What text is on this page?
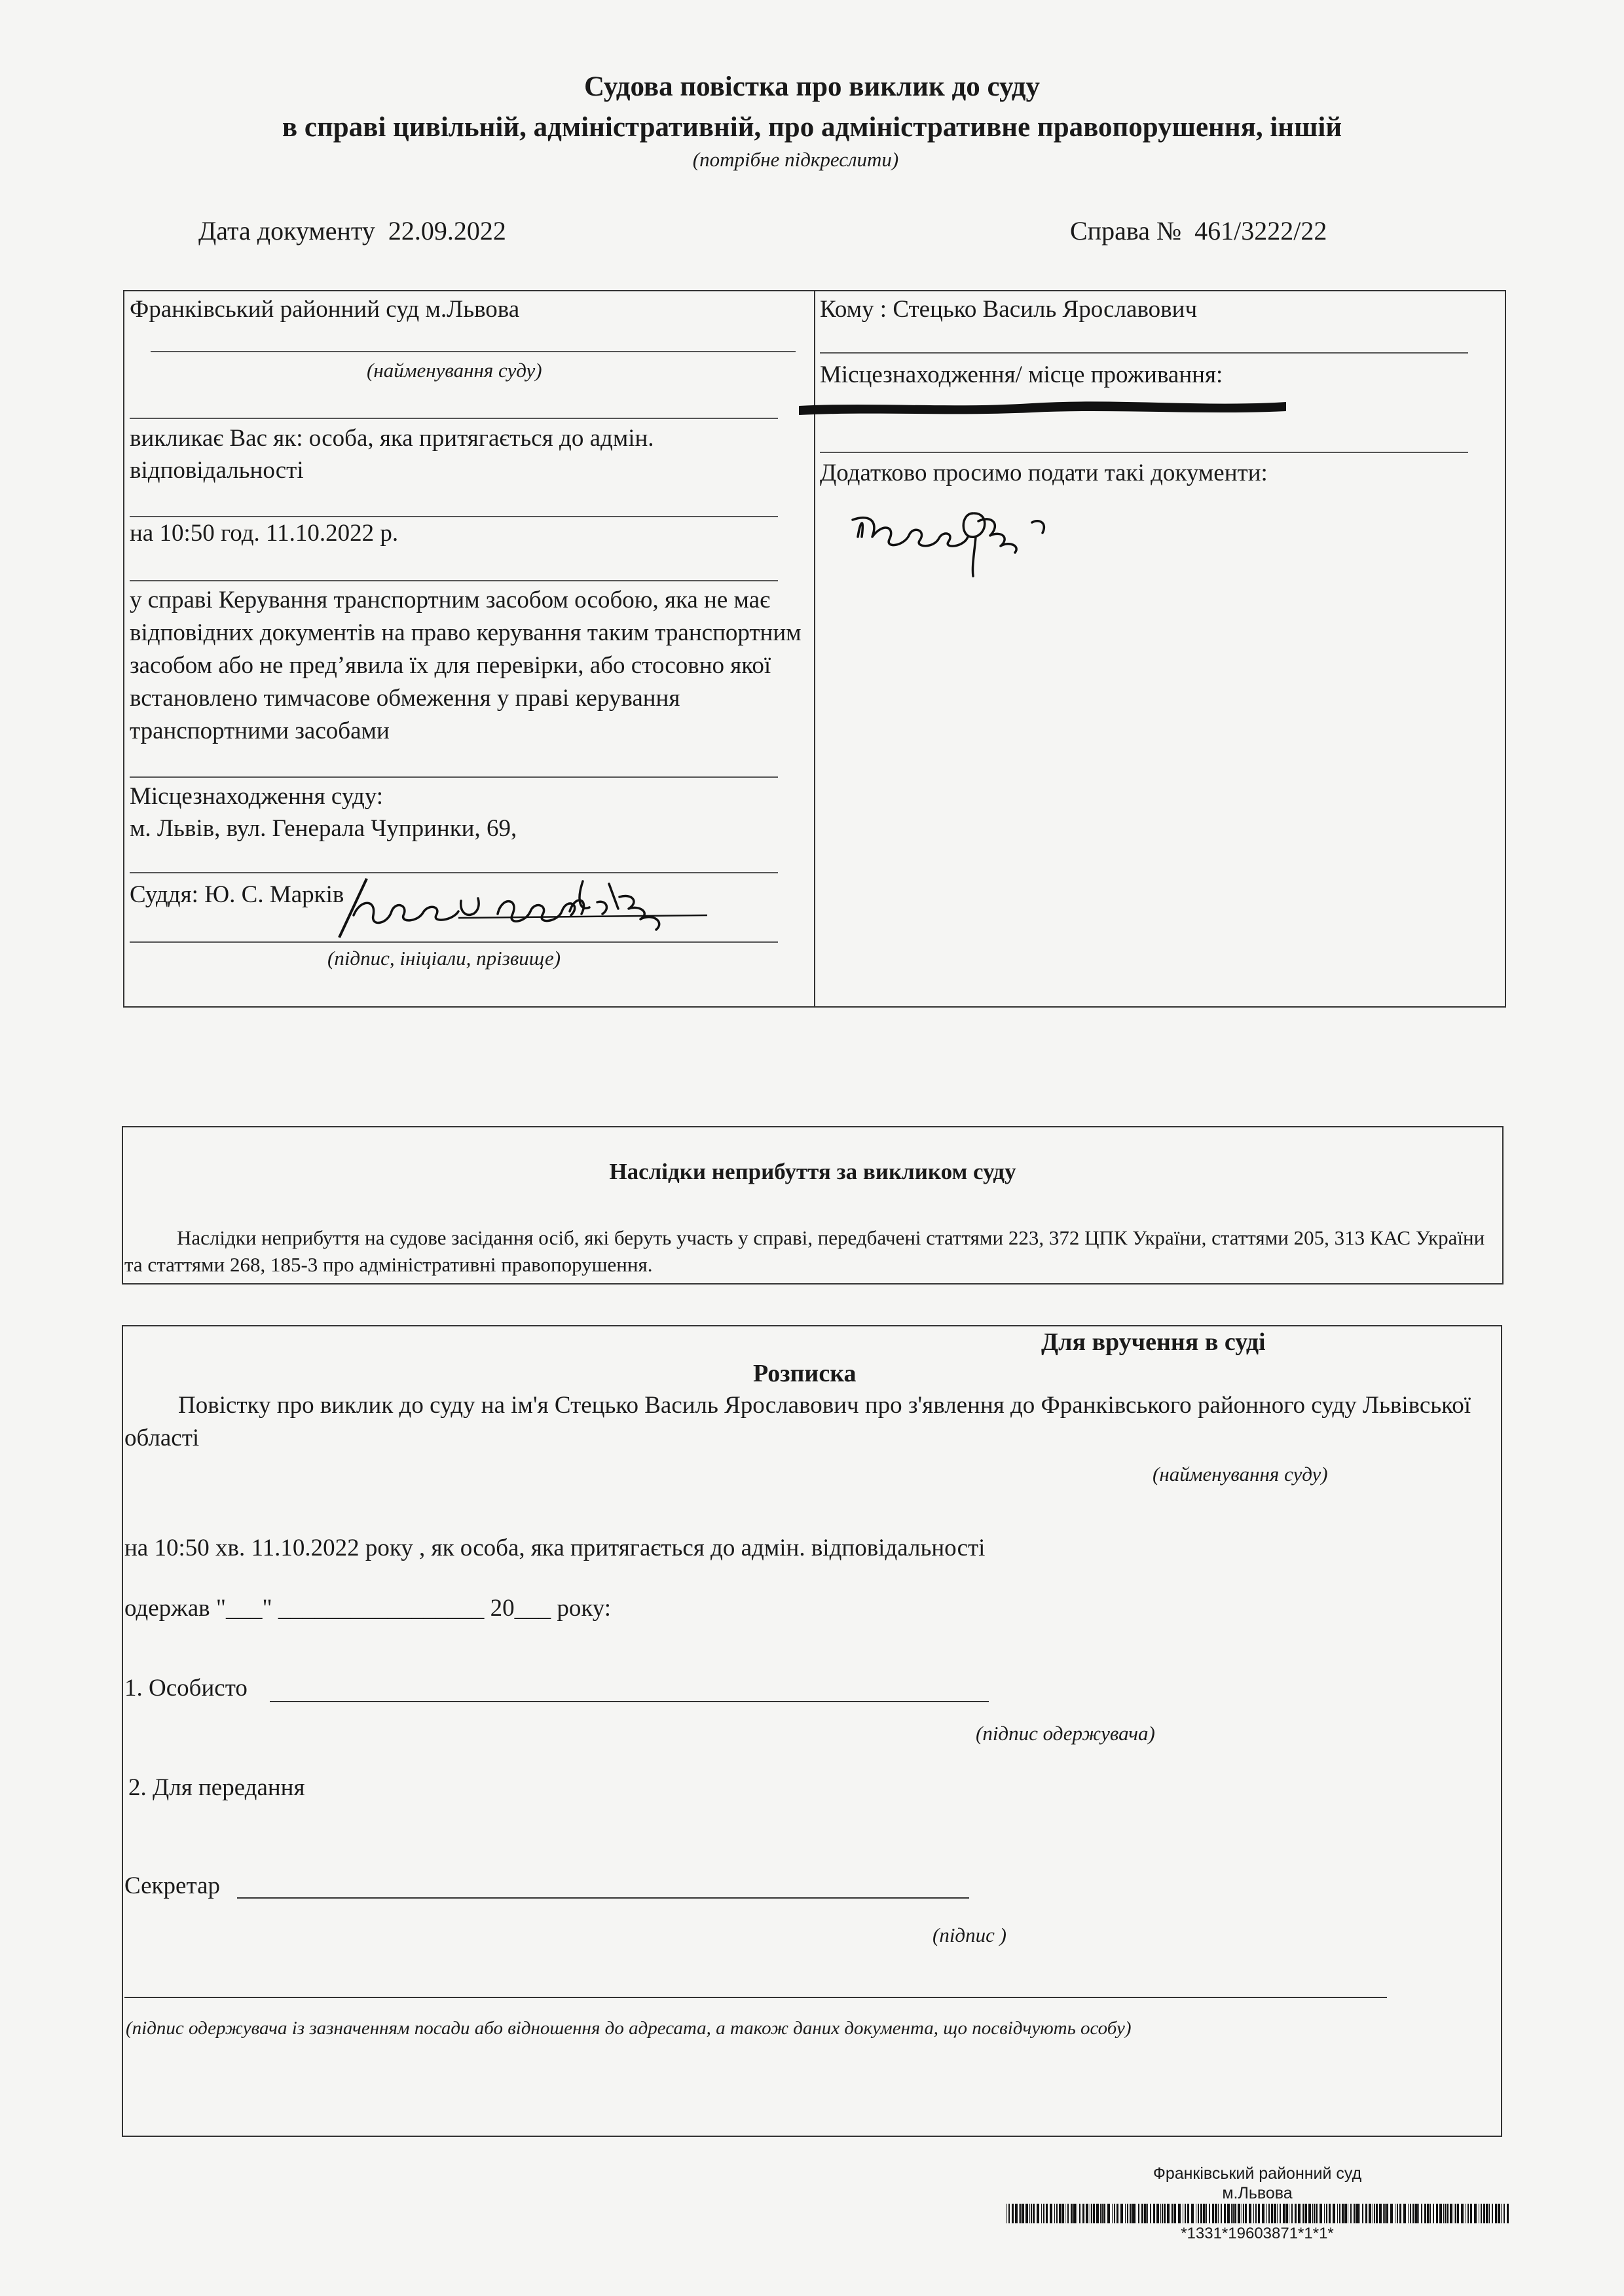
Судова повістка про виклик до суду
в справі цивільній, адміністративній, про адміністративне правопорушення, іншій
(потрібне підкреслити)
Дата документу 22.09.2022	Справа № 461/3222/22
Франківський районний суд м.Львова
(найменування суду)
викликає Вас як: особа, яка притягається до адмін. відповідальності
на 10:50 год. 11.10.2022 р.
у справі Керування транспортним засобом особою, яка не має відповідних документів на право керування таким транспортним засобом або не пред’явила їх для перевірки, або стосовно якої встановлено тимчасове обмеження у праві керування транспортними засобами
Місцезнаходження суду:
м. Львів, вул. Генерала Чупринки, 69,
Суддя: Ю. С. Марків
(підпис, ініціали, прізвище)
Кому : Стецько Василь Ярославович
Місцезнаходження/ місце проживання:
Додатково просимо подати такі документи:
Наслідки неприбуття за викликом суду
Наслідки неприбуття на судове засідання осіб, які беруть участь у справі, передбачені статтями 223, 372 ЦПК України, статтями 205, 313 КАС України та статтями 268, 185-3 про адміністративні правопорушення.
Для вручення в суді
Розписка
Повістку про виклик до суду на ім'я Стецько Василь Ярославович про з'явлення до Франківського районного суду Львівської області
(найменування суду)
на 10:50 хв. 11.10.2022 року , як особа, яка притягається до адмін. відповідальності
одержав "___" _________________ 20___ року:
1. Особисто
(підпис одержувача)
2. Для передання
Секретар
(підпис )
(підпис одержувача із зазначенням посади або відношення до адресата, а також даних документа, що посвідчують особу)
Франківський районний суд
м.Львова
*1331*19603871*1*1*
